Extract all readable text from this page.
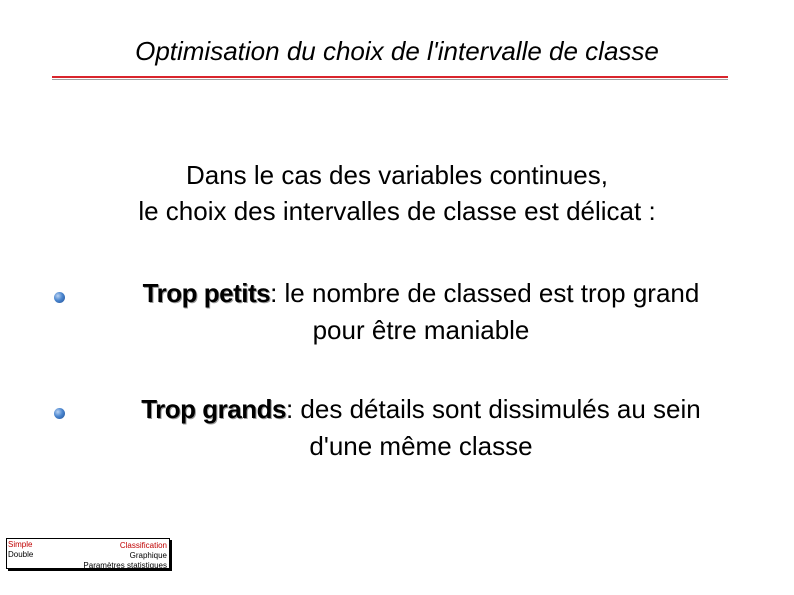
Optimisation du choix de l'intervalle de classe
Dans le cas des variables continues,
le choix des intervalles de classe est délicat :
Trop petits: le nombre de classed est trop grand
pour être maniable
Trop grands: des détails sont dissimulés au sein
d'une même classe
Simple
Double
Classification
Graphique
Paramètres statistiques
